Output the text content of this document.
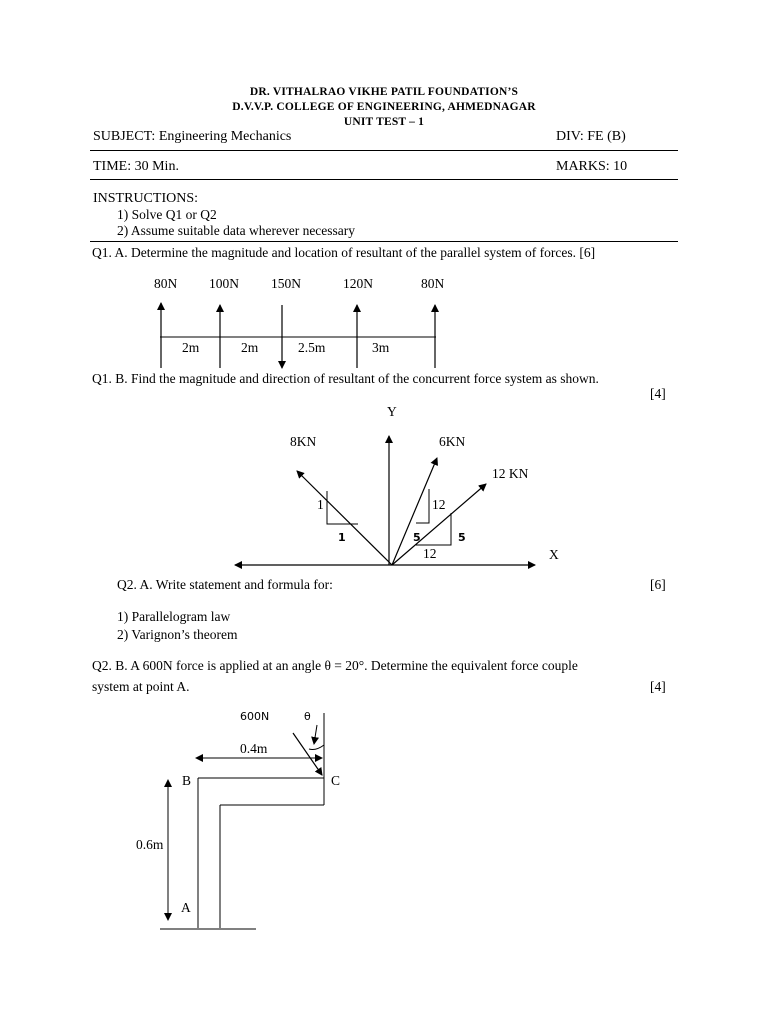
DR. VITHALRAO VIKHE PATIL FOUNDATION’S
D.V.V.P. COLLEGE OF ENGINEERING, AHMEDNAGAR
UNIT TEST – 1
SUBJECT: Engineering Mechanics	DIV: FE (B)
TIME: 30 Min.	MARKS: 10
INSTRUCTIONS:
1) Solve Q1 or Q2
2) Assume suitable data wherever necessary
Q1. A. Determine the magnitude and location of resultant of the parallel system of forces. [6]
80N 100N 150N	120N	80N
2m	2m	2.5m	3m
Q1. B. Find the magnitude and direction of resultant of the concurrent force system as shown.
[4]
Y
X
8KN	6KN
12 KN
1
1
12
5	5
12
Q2. A. Write statement and formula for:	[6]
1) Parallelogram law
2) Varignon’s theorem
Q2. B. A 600N force is applied at an angle θ = 20°. Determine the equivalent force couple
system at point A.	[4]
600N	θ
0.4m
0.6m
B	C
A
